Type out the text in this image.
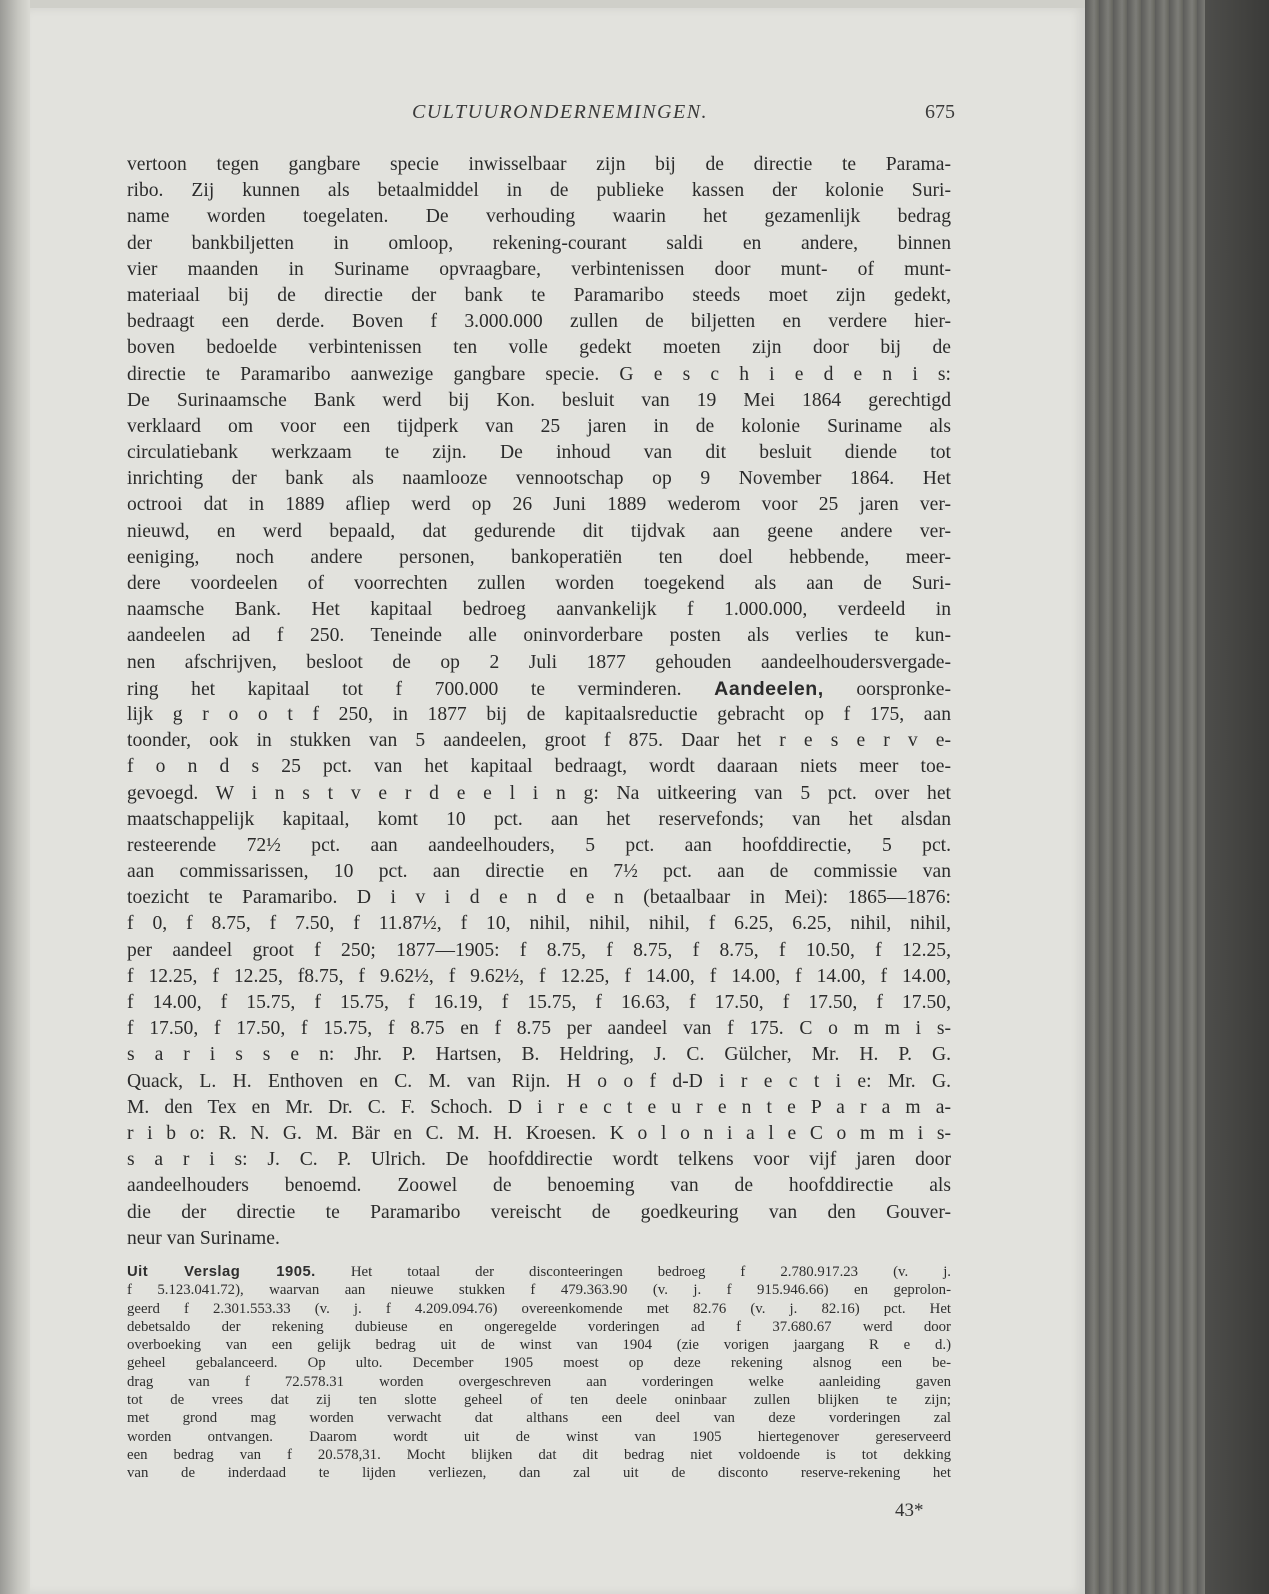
CULTUURONDERNEMINGEN.	675
vertoon tegen gangbare specie inwisselbaar zijn bij de directie te Parama-
ribo. Zij kunnen als betaalmiddel in de publieke kassen der kolonie Suri-
name worden toegelaten. De verhouding waarin het gezamenlijk bedrag
der bankbiljetten in omloop, rekening-courant saldi en andere, binnen
vier maanden in Suriname opvraagbare, verbintenissen door munt- of munt-
materiaal bij de directie der bank te Paramaribo steeds moet zijn gedekt,
bedraagt een derde. Boven f 3.000.000 zullen de biljetten en verdere hier-
boven bedoelde verbintenissen ten volle gedekt moeten zijn door bij de
directie te Paramaribo aanwezige gangbare specie. G e s c h i e d e n i s:
De Surinaamsche Bank werd bij Kon. besluit van 19 Mei 1864 gerechtigd
verklaard om voor een tijdperk van 25 jaren in de kolonie Suriname als
circulatiebank werkzaam te zijn. De inhoud van dit besluit diende tot
inrichting der bank als naamlooze vennootschap op 9 November 1864. Het
octrooi dat in 1889 afliep werd op 26 Juni 1889 wederom voor 25 jaren ver-
nieuwd, en werd bepaald, dat gedurende dit tijdvak aan geene andere ver-
eeniging, noch andere personen, bankoperatiën ten doel hebbende, meer-
dere voordeelen of voorrechten zullen worden toegekend als aan de Suri-
naamsche Bank. Het kapitaal bedroeg aanvankelijk f 1.000.000, verdeeld in
aandeelen ad f 250. Teneinde alle oninvorderbare posten als verlies te kun-
nen afschrijven, besloot de op 2 Juli 1877 gehouden aandeelhoudersvergade-
ring het kapitaal tot f 700.000 te verminderen. Aandeelen, oorspronke-
lijk g r o o t f 250, in 1877 bij de kapitaalsreductie gebracht op f 175, aan
toonder, ook in stukken van 5 aandeelen, groot f 875. Daar het r e s e r v e-
f o n d s 25 pct. van het kapitaal bedraagt, wordt daaraan niets meer toe-
gevoegd. W i n s t v e r d e e l i n g: Na uitkeering van 5 pct. over het
maatschappelijk kapitaal, komt 10 pct. aan het reservefonds; van het alsdan
resteerende 72½ pct. aan aandeelhouders, 5 pct. aan hoofddirectie, 5 pct.
aan commissarissen, 10 pct. aan directie en 7½ pct. aan de commissie van
toezicht te Paramaribo. D i v i d e n d e n (betaalbaar in Mei): 1865—1876:
f 0, f 8.75, f 7.50, f 11.87½, f 10, nihil, nihil, nihil, f 6.25, 6.25, nihil, nihil,
per aandeel groot f 250; 1877—1905: f 8.75, f 8.75, f 8.75, f 10.50, f 12.25,
f 12.25, f 12.25, f8.75, f 9.62½, f 9.62½, f 12.25, f 14.00, f 14.00, f 14.00, f 14.00,
f 14.00, f 15.75, f 15.75, f 16.19, f 15.75, f 16.63, f 17.50, f 17.50, f 17.50,
f 17.50, f 17.50, f 15.75, f 8.75 en f 8.75 per aandeel van f 175. C o m m i s-
s a r i s s e n: Jhr. P. Hartsen, B. Heldring, J. C. Gülcher, Mr. H. P. G.
Quack, L. H. Enthoven en C. M. van Rijn. H o o f d-D i r e c t i e: Mr. G.
M. den Tex en Mr. Dr. C. F. Schoch. D i r e c t e u r e n t e P a r a m a-
r i b o: R. N. G. M. Bär en C. M. H. Kroesen. K o l o n i a l e C o m m i s-
s a r i s: J. C. P. Ulrich. De hoofddirectie wordt telkens voor vijf jaren door
aandeelhouders benoemd. Zoowel de benoeming van de hoofddirectie als
die der directie te Paramaribo vereischt de goedkeuring van den Gouver-
neur van Suriname.
Uit Verslag 1905. Het totaal der disconteeringen bedroeg f 2.780.917.23 (v. j.
f 5.123.041.72), waarvan aan nieuwe stukken f 479.363.90 (v. j. f 915.946.66) en geprolon-
geerd f 2.301.553.33 (v. j. f 4.209.094.76) overeenkomende met 82.76 (v. j. 82.16) pct. Het
debetsaldo der rekening dubieuse en ongeregelde vorderingen ad f 37.680.67 werd door
overboeking van een gelijk bedrag uit de winst van 1904 (zie vorigen jaargang R e d.)
geheel gebalanceerd. Op ulto. December 1905 moest op deze rekening alsnog een be-
drag van f 72.578.31 worden overgeschreven aan vorderingen welke aanleiding gaven
tot de vrees dat zij ten slotte geheel of ten deele oninbaar zullen blijken te zijn;
met grond mag worden verwacht dat althans een deel van deze vorderingen zal
worden ontvangen. Daarom wordt uit de winst van 1905 hiertegenover gereserveerd
een bedrag van f 20.578,31. Mocht blijken dat dit bedrag niet voldoende is tot dekking
van de inderdaad te lijden verliezen, dan zal uit de disconto reserve-rekening het
43*
